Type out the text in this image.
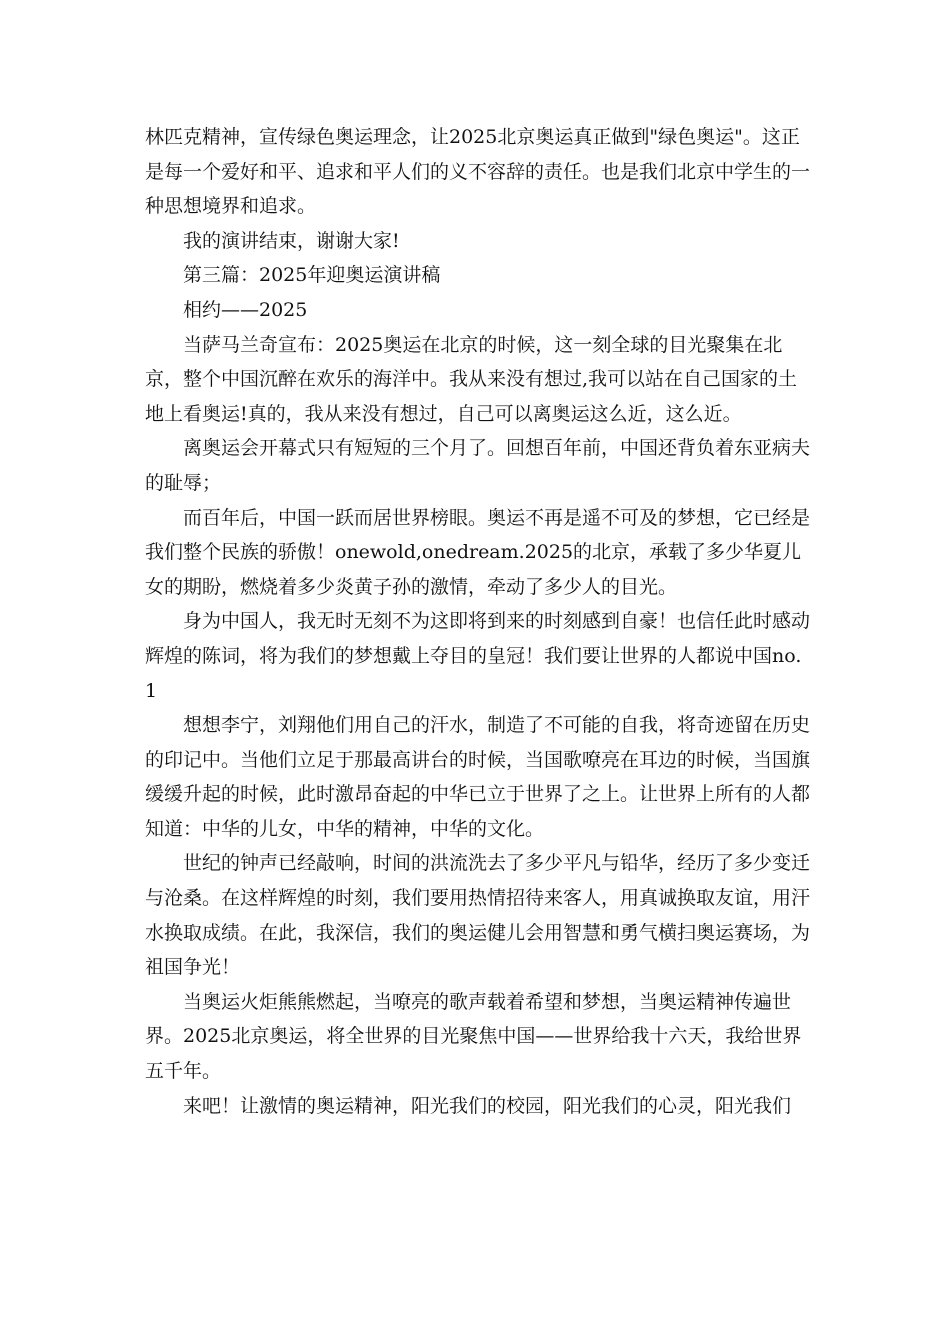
林匹克精神，宣传绿色奥运理念，让2025北京奥运真正做到"绿色奥运"。这正是每一个爱好和平、追求和平人们的义不容辞的责任。也是我们北京中学生的一种思想境界和追求。

我的演讲结束，谢谢大家!

第三篇：2025年迎奥运演讲稿

相约——2025

当萨马兰奇宣布：2025奥运在北京的时候，这一刻全球的目光聚集在北京，整个中国沉醉在欢乐的海洋中。我从来没有想过,我可以站在自己国家的土地上看奥运!真的，我从来没有想过，自己可以离奥运这么近，这么近。

离奥运会开幕式只有短短的三个月了。回想百年前，中国还背负着东亚病夫的耻辱；

而百年后，中国一跃而居世界榜眼。奥运不再是遥不可及的梦想，它已经是我们整个民族的骄傲！onewold,onedream.2025的北京，承载了多少华夏儿女的期盼，燃烧着多少炎黄子孙的激情，牵动了多少人的目光。

身为中国人，我无时无刻不为这即将到来的时刻感到自豪！也信任此时感动辉煌的陈词，将为我们的梦想戴上夺目的皇冠！我们要让世界的人都说中国no.1

想想李宁，刘翔他们用自己的汗水，制造了不可能的自我，将奇迹留在历史的印记中。当他们立足于那最高讲台的时候，当国歌嘹亮在耳边的时候，当国旗缓缓升起的时候，此时激昂奋起的中华已立于世界了之上。让世界上所有的人都知道：中华的儿女，中华的精神，中华的文化。

世纪的钟声已经敲响，时间的洪流洗去了多少平凡与铅华，经历了多少变迁与沧桑。在这样辉煌的时刻，我们要用热情招待来客人，用真诚换取友谊，用汗水换取成绩。在此，我深信，我们的奥运健儿会用智慧和勇气横扫奥运赛场，为祖国争光！

当奥运火炬熊熊燃起，当嘹亮的歌声载着希望和梦想，当奥运精神传遍世界。2025北京奥运，将全世界的目光聚焦中国——世界给我十六天，我给世界五千年。

来吧！让激情的奥运精神，阳光我们的校园，阳光我们的心灵，阳光我们
